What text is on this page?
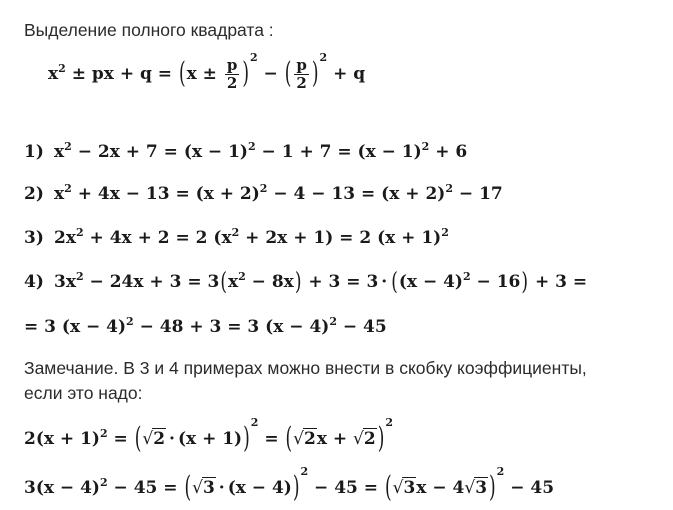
Выделение полного квадрата :
$x^2$ ± px + $q = (x \pm \frac{p}{2} )^2$ − ( $\frac{p}{2} )^2 + q$
1) $x^2 - 2x + 7 = (x - 1)^2 - 1 + 7 = (x - 1)^2 + 6$
2) $x^2 + 4x - 13 = (x + 2)^2 - 4 - 13 = (x + 2)^2 - 17$
3) $2x^2 + 4x + 2 = 2$ $(x^2 + 2x + 1) = 2$ $(x + 1)^2$
4) $3x^2 - 24x + 3 = 3(x^2 - 8x) + 3 = 3 \cdot ((x - 4)^2 - 16) + 3$ =
= 3 $(x - 4)^2 - 48 + 3 = 3$ $(x - 4)^2 - 45$
Замечание. В 3 и 4 примерах можно внести в скобку коэффициенты,
если это надо:
$2(x + 1)^2 = (√2 \cdot (x + 1))^2 = (√2x + √2$ )$^2$
$3(x - 4)^2 - 45 = (√3 \cdot (x - 4))^2 - 45 = (√3x - 4√3$ )$^2$ − 45
